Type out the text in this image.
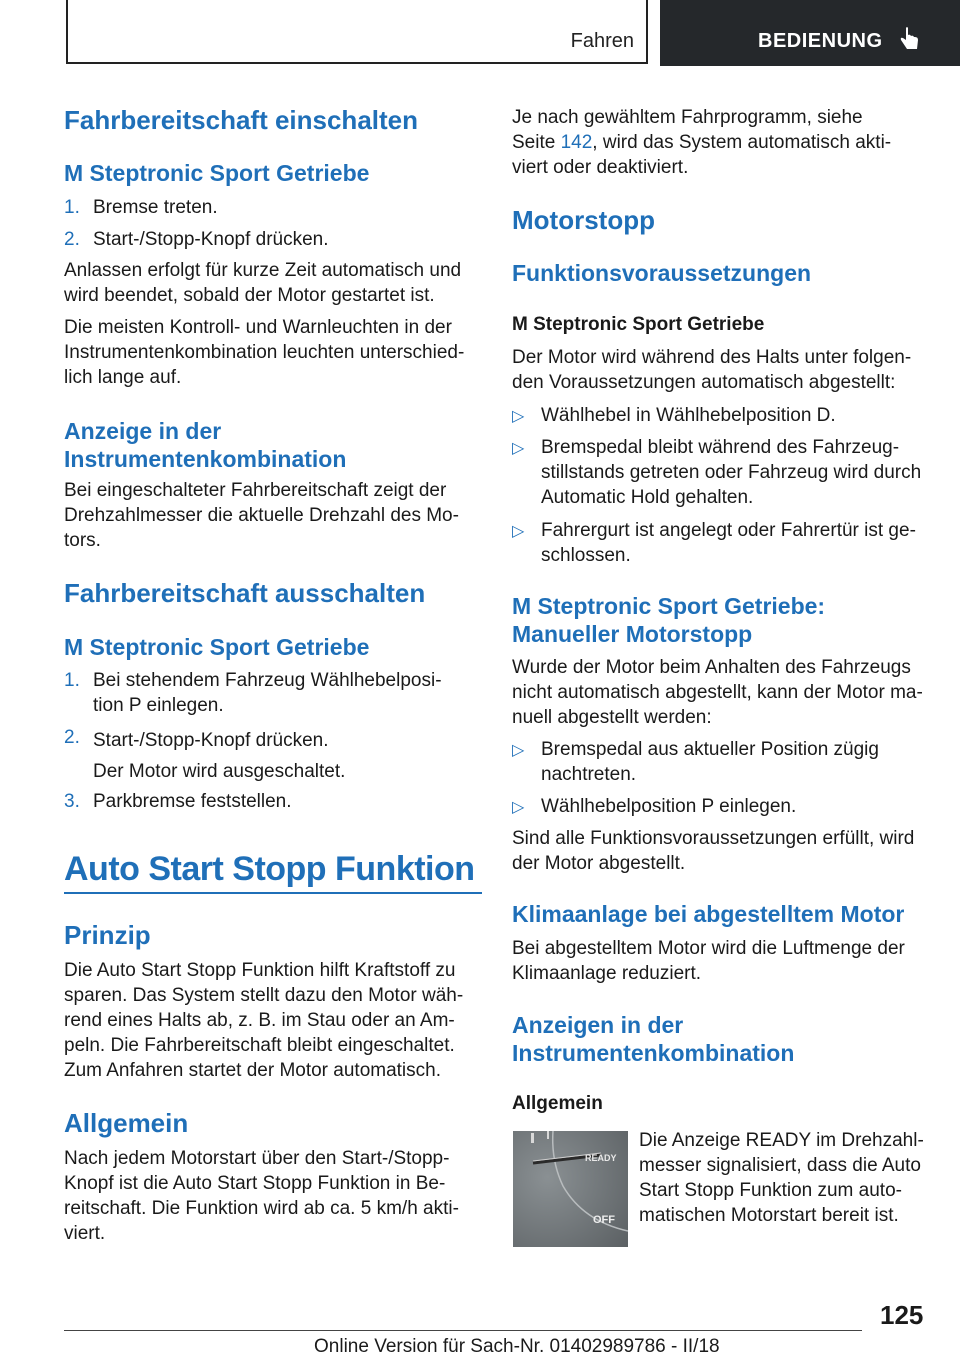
Fahren	BEDIENUNG
Fahrbereitschaft einschalten
M Steptronic Sport Getriebe
1. Bremse treten.
2. Start-/Stopp-Knopf drücken.
Anlassen erfolgt für kurze Zeit automatisch und
wird beendet, sobald der Motor gestartet ist.
Die meisten Kontroll- und Warnleuchten in der
Instrumentenkombination leuchten unterschied-
lich lange auf.
Anzeige in der
Instrumentenkombination
Bei eingeschalteter Fahrbereitschaft zeigt der
Drehzahlmesser die aktuelle Drehzahl des Mo-
tors.
Fahrbereitschaft ausschalten
M Steptronic Sport Getriebe
1. Bei stehendem Fahrzeug Wählhebelposi-
tion P einlegen.
2. Start-/Stopp-Knopf drücken.
Der Motor wird ausgeschaltet.
3. Parkbremse feststellen.
Auto Start Stopp Funktion
Prinzip
Die Auto Start Stopp Funktion hilft Kraftstoff zu
sparen. Das System stellt dazu den Motor wäh-
rend eines Halts ab, z. B. im Stau oder an Am-
peln. Die Fahrbereitschaft bleibt eingeschaltet.
Zum Anfahren startet der Motor automatisch.
Allgemein
Nach jedem Motorstart über den Start-/Stopp-
Knopf ist die Auto Start Stopp Funktion in Be-
reitschaft. Die Funktion wird ab ca. 5 km/h akti-
viert.
Je nach gewähltem Fahrprogramm, siehe
Seite 142, wird das System automatisch akti-
viert oder deaktiviert.
Motorstopp
Funktionsvoraussetzungen
M Steptronic Sport Getriebe
Der Motor wird während des Halts unter folgen-
den Voraussetzungen automatisch abgestellt:
▷ Wählhebel in Wählhebelposition D.
▷ Bremspedal bleibt während des Fahrzeug-
stillstands getreten oder Fahrzeug wird durch
Automatic Hold gehalten.
▷ Fahrergurt ist angelegt oder Fahrertür ist ge-
schlossen.
M Steptronic Sport Getriebe:
Manueller Motorstopp
Wurde der Motor beim Anhalten des Fahrzeugs
nicht automatisch abgestellt, kann der Motor ma-
nuell abgestellt werden:
▷ Bremspedal aus aktueller Position zügig
nachtreten.
▷ Wählhebelposition P einlegen.
Sind alle Funktionsvoraussetzungen erfüllt, wird
der Motor abgestellt.
Klimaanlage bei abgestelltem Motor
Bei abgestelltem Motor wird die Luftmenge der
Klimaanlage reduziert.
Anzeigen in der
Instrumentenkombination
Allgemein
READY
OFF
Die Anzeige READY im Drehzahl-
messer signalisiert, dass die Auto
Start Stopp Funktion zum auto-
matischen Motorstart bereit ist.
125
Online Version für Sach-Nr. 01402989786 - II/18
